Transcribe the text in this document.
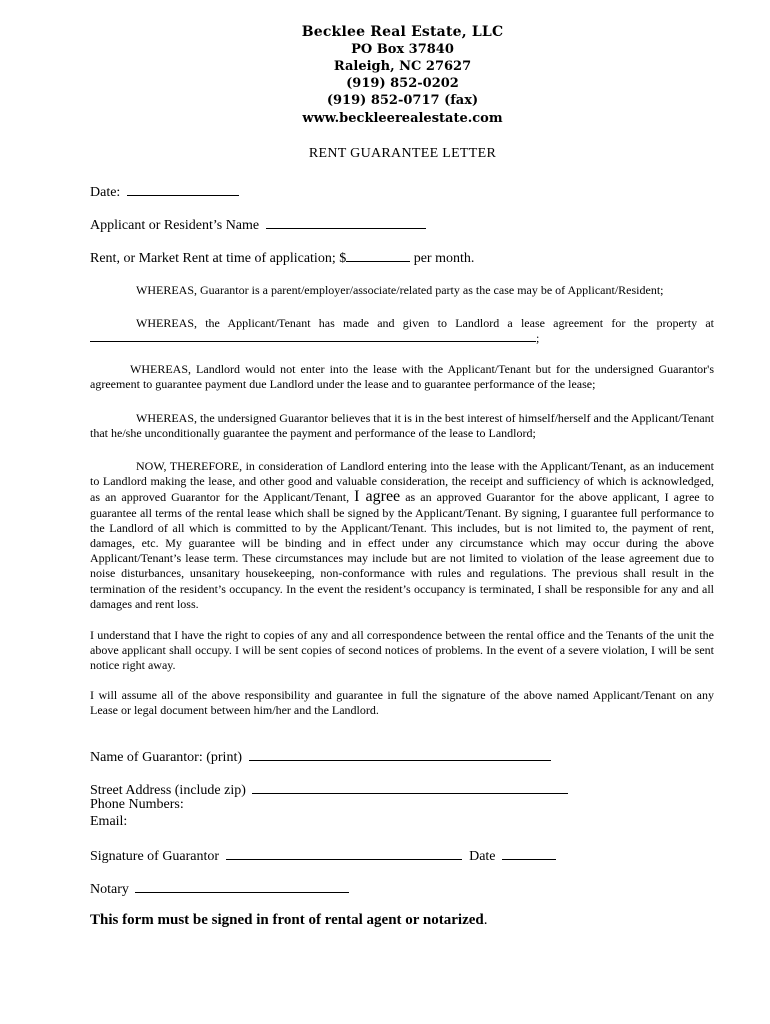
Becklee Real Estate, LLC
PO Box 37840
Raleigh, NC 27627
(919) 852-0202
(919) 852-0717 (fax)
www.beckleerealestate.com
RENT GUARANTEE LETTER
Date:
Applicant or Resident’s Name
Rent, or Market Rent at time of application; $	per month.
WHEREAS, Guarantor is a parent/employer/associate/related party as the case may be of Applicant/Resident;
WHEREAS, the Applicant/Tenant has made and given to Landlord a lease agreement for the property at
;
WHEREAS, Landlord would not enter into the lease with the Applicant/Tenant but for the undersigned Guarantor's agreement to guarantee payment due Landlord under the lease and to guarantee performance of the lease;
WHEREAS, the undersigned Guarantor believes that it is in the best interest of himself/herself and the Applicant/Tenant that he/she unconditionally guarantee the payment and performance of the lease to Landlord;
NOW, THEREFORE, in consideration of Landlord entering into the lease with the Applicant/Tenant, as an inducement to Landlord making the lease, and other good and valuable consideration, the receipt and sufficiency of which is acknowledged, as an approved Guarantor for the Applicant/Tenant, I agree as an approved Guarantor for the above applicant, I agree to guarantee all terms of the rental lease which shall be signed by the Applicant/Tenant. By signing, I guarantee full performance to the Landlord of all which is committed to by the Applicant/Tenant. This includes, but is not limited to, the payment of rent, damages, etc. My guarantee will be binding and in effect under any circumstance which may occur during the above Applicant/Tenant’s lease term. These circumstances may include but are not limited to violation of the lease agreement due to noise disturbances, unsanitary housekeeping, non-conformance with rules and regulations. The previous shall result in the termination of the resident’s occupancy. In the event the resident’s occupancy is terminated, I shall be responsible for any and all damages and rent loss.
I understand that I have the right to copies of any and all correspondence between the rental office and the Tenants of the unit the above applicant shall occupy. I will be sent copies of second notices of problems. In the event of a severe violation, I will be sent notice right away.
I will assume all of the above responsibility and guarantee in full the signature of the above named Applicant/Tenant on any Lease or legal document between him/her and the Landlord.
Name of Guarantor: (print)
Street Address (include zip)
Phone Numbers:
Email:
Signature of Guarantor	Date
Notary
This form must be signed in front of rental agent or notarized.
